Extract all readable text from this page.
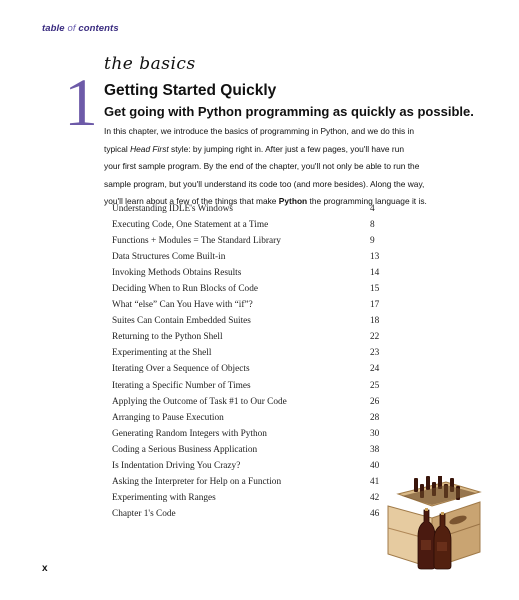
table of contents
the basics
1 Getting Started Quickly
Get going with Python programming as quickly as possible.
In this chapter, we introduce the basics of programming in Python, and we do this in
typical Head First style: by jumping right in. After just a few pages, you'll have run
your first sample program. By the end of the chapter, you'll not only be able to run the
sample program, but you'll understand its code too (and more besides). Along the way,
you'll learn about a few of the things that make Python the programming language it is.
Understanding IDLE's Windows	4
Executing Code, One Statement at a Time	8
Functions + Modules = The Standard Library	9
Data Structures Come Built-in	13
Invoking Methods Obtains Results	14
Deciding When to Run Blocks of Code	15
What “else” Can You Have with “if”?	17
Suites Can Contain Embedded Suites	18
Returning to the Python Shell	22
Experimenting at the Shell	23
Iterating Over a Sequence of Objects	24
Iterating a Specific Number of Times	25
Applying the Outcome of Task #1 to Our Code	26
Arranging to Pause Execution	28
Generating Random Integers with Python	30
Coding a Serious Business Application	38
Is Indentation Driving You Crazy?	40
Asking the Interpreter for Help on a Function	41
Experimenting with Ranges	42
Chapter 1's Code	46
x
